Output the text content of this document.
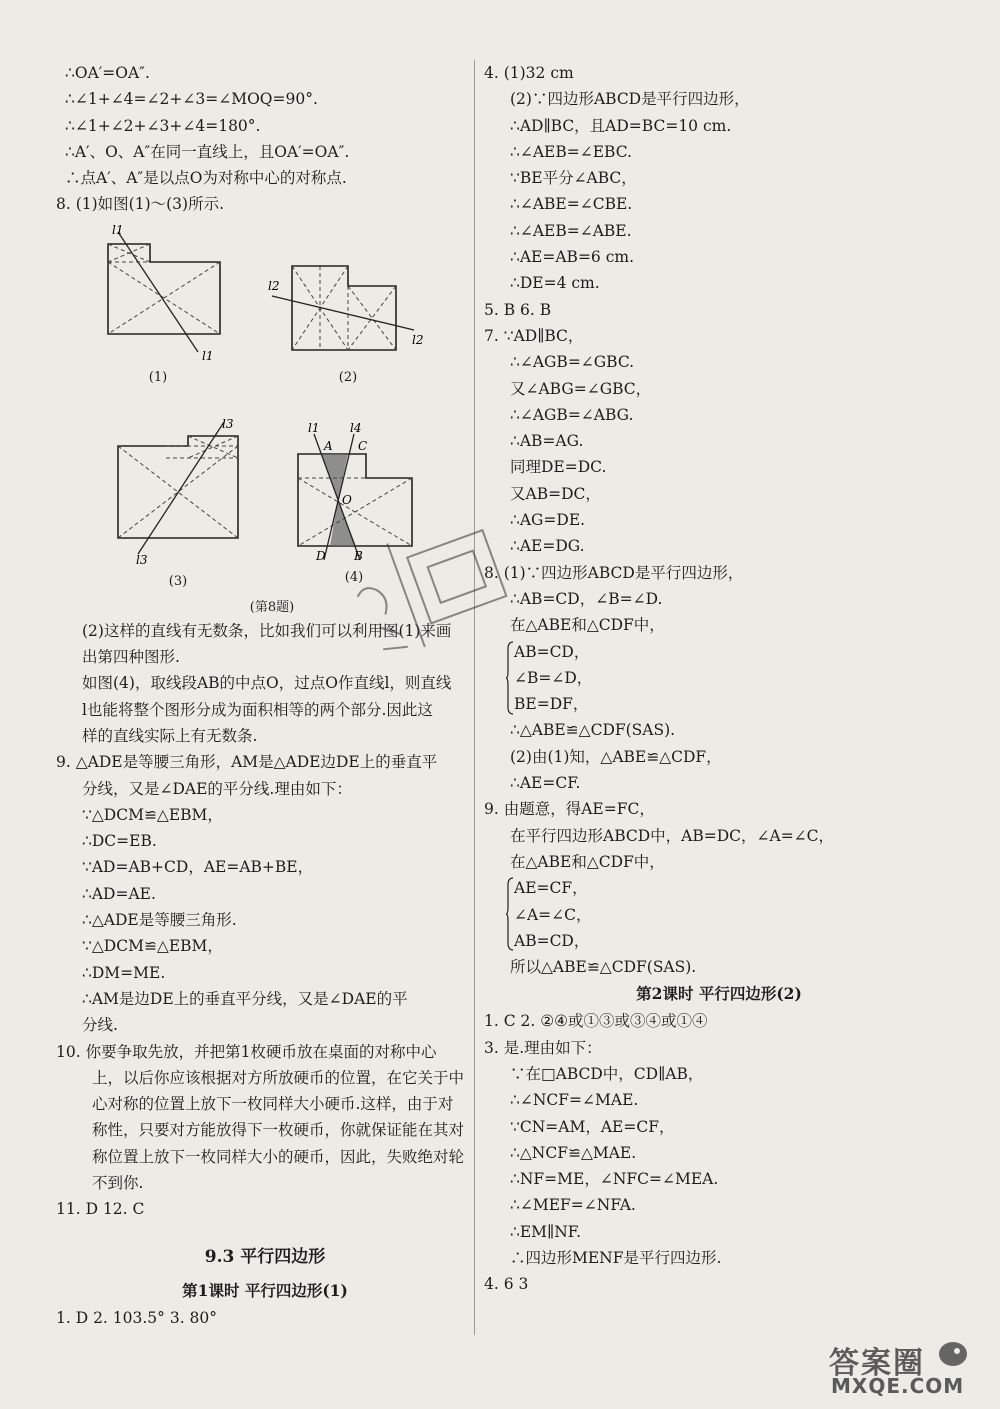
∴OA′=OA″.
∴∠1+∠4=∠2+∠3=∠MOQ=90°.
∴∠1+∠2+∠3+∠4=180°.
∴A′、O、A″在同一直线上，且OA′=OA″.
∴点A′、A″是以点O为对称中心的对称点.
8. (1)如图(1)～(3)所示.
l1
l1
(1)
l2
l2
(2)
l3
l3
(3)
l1	l4
A C
O
D B
(4)
(第8题)
(2)这样的直线有无数条，比如我们可以利用图(1)来画
出第四种图形.
如图(4)，取线段AB的中点O，过点O作直线l，则直线
l也能将整个图形分成为面积相等的两个部分.因此这
样的直线实际上有无数条.
9. △ADE是等腰三角形，AM是△ADE边DE上的垂直平
分线，又是∠DAE的平分线.理由如下：
∵△DCM≌△EBM，
∴DC=EB.
∵AD=AB+CD，AE=AB+BE，
∴AD=AE.
∴△ADE是等腰三角形.
∵△DCM≌△EBM，
∴DM=ME.
∴AM是边DE上的垂直平分线，又是∠DAE的平
分线.
10. 你要争取先放，并把第1枚硬币放在桌面的对称中心
上，以后你应该根据对方所放硬币的位置，在它关于中
心对称的位置上放下一枚同样大小硬币.这样，由于对
称性，只要对方能放得下一枚硬币，你就保证能在其对
称位置上放下一枚同样大小的硬币，因此，失败绝对轮
不到你.
11. D 12. C
9.3 平行四边形
第1课时 平行四边形(1)
1. D 2. 103.5° 3. 80°
4. (1)32 cm
(2)∵四边形ABCD是平行四边形，
∴AD∥BC，且AD=BC=10 cm.
∴∠AEB=∠EBC.
∵BE平分∠ABC，
∴∠ABE=∠CBE.
∴∠AEB=∠ABE.
∴AE=AB=6 cm.
∴DE=4 cm.
5. B 6. B
7. ∵AD∥BC，
∴∠AGB=∠GBC.
又∠ABG=∠GBC，
∴∠AGB=∠ABG.
∴AB=AG.
同理DE=DC.
又AB=DC，
∴AG=DE.
∴AE=DG.
8. (1)∵四边形ABCD是平行四边形，
∴AB=CD，∠B=∠D.
在△ABE和△CDF中，
AB=CD，
∠B=∠D，
BE=DF，
∴△ABE≌△CDF(SAS).
(2)由(1)知，△ABE≌△CDF，
∴AE=CF.
9. 由题意，得AE=FC，
在平行四边形ABCD中，AB=DC，∠A=∠C，
在△ABE和△CDF中，
AE=CF，
∠A=∠C，
AB=CD，
所以△ABE≌△CDF(SAS).
第2课时 平行四边形(2)
1. C 2. ②④或①③或③④或①④
3. 是.理由如下：
∵在□ABCD中，CD∥AB，
∴∠NCF=∠MAE.
∵CN=AM，AE=CF，
∴△NCF≌△MAE.
∴NF=ME，∠NFC=∠MEA.
∴∠MEF=∠NFA.
∴EM∥NF.
∴四边形MENF是平行四边形.
4. 6 3
答案圈
MXQE.COM
